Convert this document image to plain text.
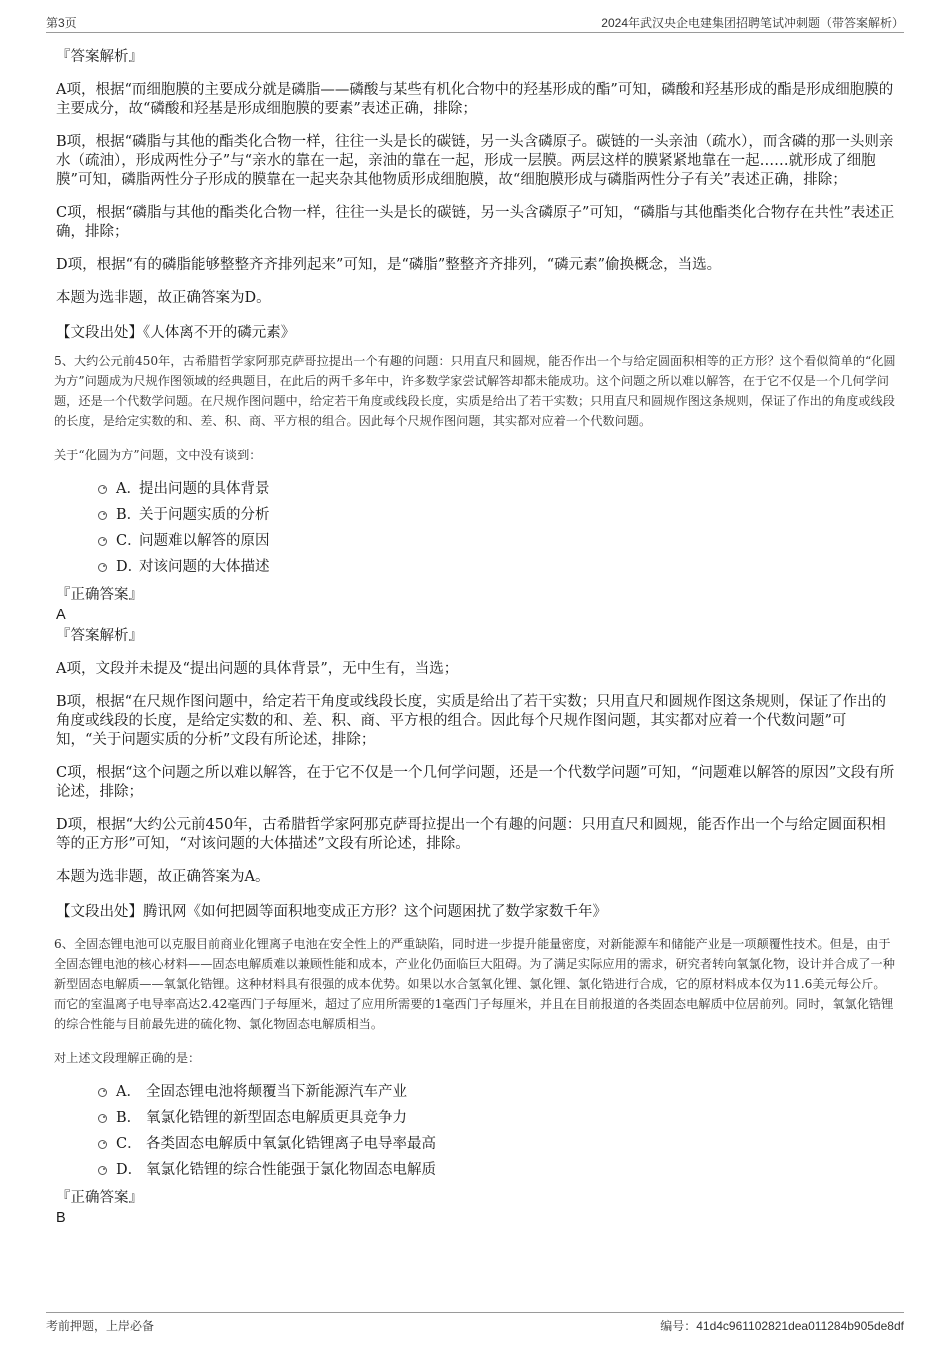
第3页	2024年武汉央企电建集团招聘笔试冲刺题（带答案解析）

『答案解析』

A项，根据“而细胞膜的主要成分就是磷脂——磷酸与某些有机化合物中的羟基形成的酯”可知，磷酸和羟基形成的酯是形成细胞膜的主要成分，故“磷酸和羟基是形成细胞膜的要素”表述正确，排除；

B项，根据“磷脂与其他的酯类化合物一样，往往一头是长的碳链，另一头含磷原子。碳链的一头亲油（疏水），而含磷的那一头则亲水（疏油），形成两性分子”与“亲水的靠在一起，亲油的靠在一起，形成一层膜。两层这样的膜紧紧地靠在一起……就形成了细胞膜”可知，磷脂两性分子形成的膜靠在一起夹杂其他物质形成细胞膜，故“细胞膜形成与磷脂两性分子有关”表述正确，排除；

C项，根据“磷脂与其他的酯类化合物一样，往往一头是长的碳链，另一头含磷原子”可知，“磷脂与其他酯类化合物存在共性”表述正确，排除；

D项，根据“有的磷脂能够整整齐齐排列起来”可知，是“磷脂”整整齐齐排列，“磷元素”偷换概念，当选。

本题为选非题，故正确答案为D。

【文段出处】《人体离不开的磷元素》

5、大约公元前450年，古希腊哲学家阿那克萨哥拉提出一个有趣的问题：只用直尺和圆规，能否作出一个与给定圆面积相等的正方形？这个看似简单的“化圆为方”问题成为尺规作图领域的经典题目，在此后的两千多年中，许多数学家尝试解答却都未能成功。这个问题之所以难以解答，在于它不仅是一个几何学问题，还是一个代数学问题。在尺规作图问题中，给定若干角度或线段长度，实质是给出了若干实数；只用直尺和圆规作图这条规则，保证了作出的角度或线段的长度，是给定实数的和、差、积、商、平方根的组合。因此每个尺规作图问题，其实都对应着一个代数问题。

关于“化圆为方”问题，文中没有谈到：

A．
提出问题的具体背景
B．
关于问题实质的分析
C．
问题难以解答的原因
D．
对该问题的大体描述

『正确答案』

A

『答案解析』

A项，文段并未提及“提出问题的具体背景”，无中生有，当选；

B项，根据“在尺规作图问题中，给定若干角度或线段长度，实质是给出了若干实数；只用直尺和圆规作图这条规则，保证了作出的角度或线段的长度，是给定实数的和、差、积、商、平方根的组合。因此每个尺规作图问题，其实都对应着一个代数问题”可知，“关于问题实质的分析”文段有所论述，排除；

C项，根据“这个问题之所以难以解答，在于它不仅是一个几何学问题，还是一个代数学问题”可知，“问题难以解答的原因”文段有所论述，排除；

D项，根据“大约公元前450年，古希腊哲学家阿那克萨哥拉提出一个有趣的问题：只用直尺和圆规，能否作出一个与给定圆面积相等的正方形”可知，“对该问题的大体描述”文段有所论述，排除。

本题为选非题，故正确答案为A。

【文段出处】腾讯网《如何把圆等面积地变成正方形？这个问题困扰了数学家数千年》

6、全固态锂电池可以克服目前商业化锂离子电池在安全性上的严重缺陷，同时进一步提升能量密度，对新能源车和储能产业是一项颠覆性技术。但是，由于全固态锂电池的核心材料——固态电解质难以兼顾性能和成本，产业化仍面临巨大阻碍。为了满足实际应用的需求，研究者转向氧氯化物，设计并合成了一种新型固态电解质——氧氯化锆锂。这种材料具有很强的成本优势。如果以水合氢氧化锂、氯化锂、氯化锆进行合成，它的原材料成本仅为11.6美元每公斤。而它的室温离子电导率高达2.42毫西门子每厘米，超过了应用所需要的1毫西门子每厘米，并且在目前报道的各类固态电解质中位居前列。同时，氧氯化锆锂的综合性能与目前最先进的硫化物、氯化物固态电解质相当。

对上述文段理解正确的是：

A． 全固态锂电池将颠覆当下新能源汽车产业
B． 氧氯化锆锂的新型固态电解质更具竞争力
C． 各类固态电解质中氧氯化锆锂离子电导率最高
D． 氧氯化锆锂的综合性能强于氯化物固态电解质

『正确答案』

B

考前押题，上岸必备	编号：41d4c961102821dea011284b905de8df
